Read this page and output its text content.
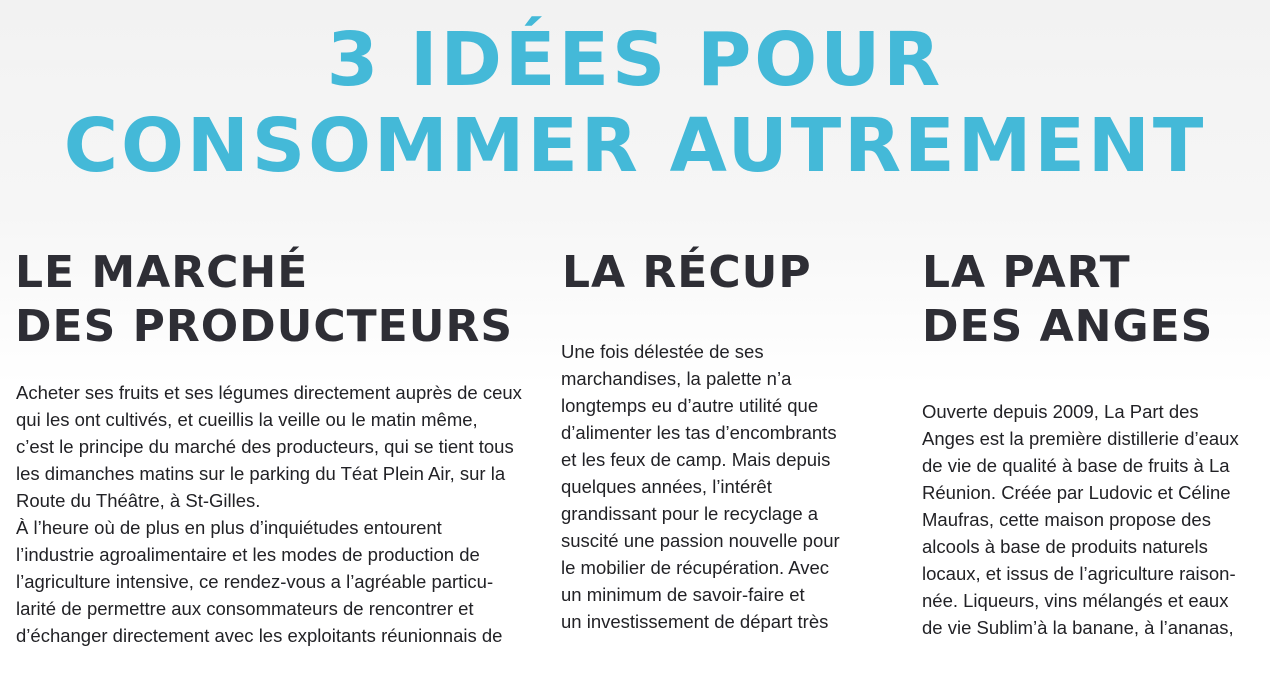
3 IDÉES POUR
CONSOMMER AUTREMENT
LE MARCHÉ
DES PRODUCTEURS
Acheter ses fruits et ses légumes directement auprès de ceux
qui les ont cultivés, et cueillis la veille ou le matin même,
c’est le principe du marché des producteurs, qui se tient tous
les dimanches matins sur le parking du Téat Plein Air, sur la
Route du Théâtre, à St-Gilles.
À l’heure où de plus en plus d’inquiétudes entourent
l’industrie agroalimentaire et les modes de production de
l’agriculture intensive, ce rendez-vous a l’agréable particu-
larité de permettre aux consommateurs de rencontrer et
d’échanger directement avec les exploitants réunionnais de
LA RÉCUP
Une fois délestée de ses
marchandises, la palette n’a
longtemps eu d’autre utilité que
d’alimenter les tas d’encombrants
et les feux de camp. Mais depuis
quelques années, l’intérêt
grandissant pour le recyclage a
suscité une passion nouvelle pour
le mobilier de récupération. Avec
un minimum de savoir-faire et
un investissement de départ très
LA PART
DES ANGES
Ouverte depuis 2009, La Part des
Anges est la première distillerie d’eaux
de vie de qualité à base de fruits à La
Réunion. Créée par Ludovic et Céline
Maufras, cette maison propose des
alcools à base de produits naturels
locaux, et issus de l’agriculture raison-
née. Liqueurs, vins mélangés et eaux
de vie Sublim’à la banane, à l’ananas,
